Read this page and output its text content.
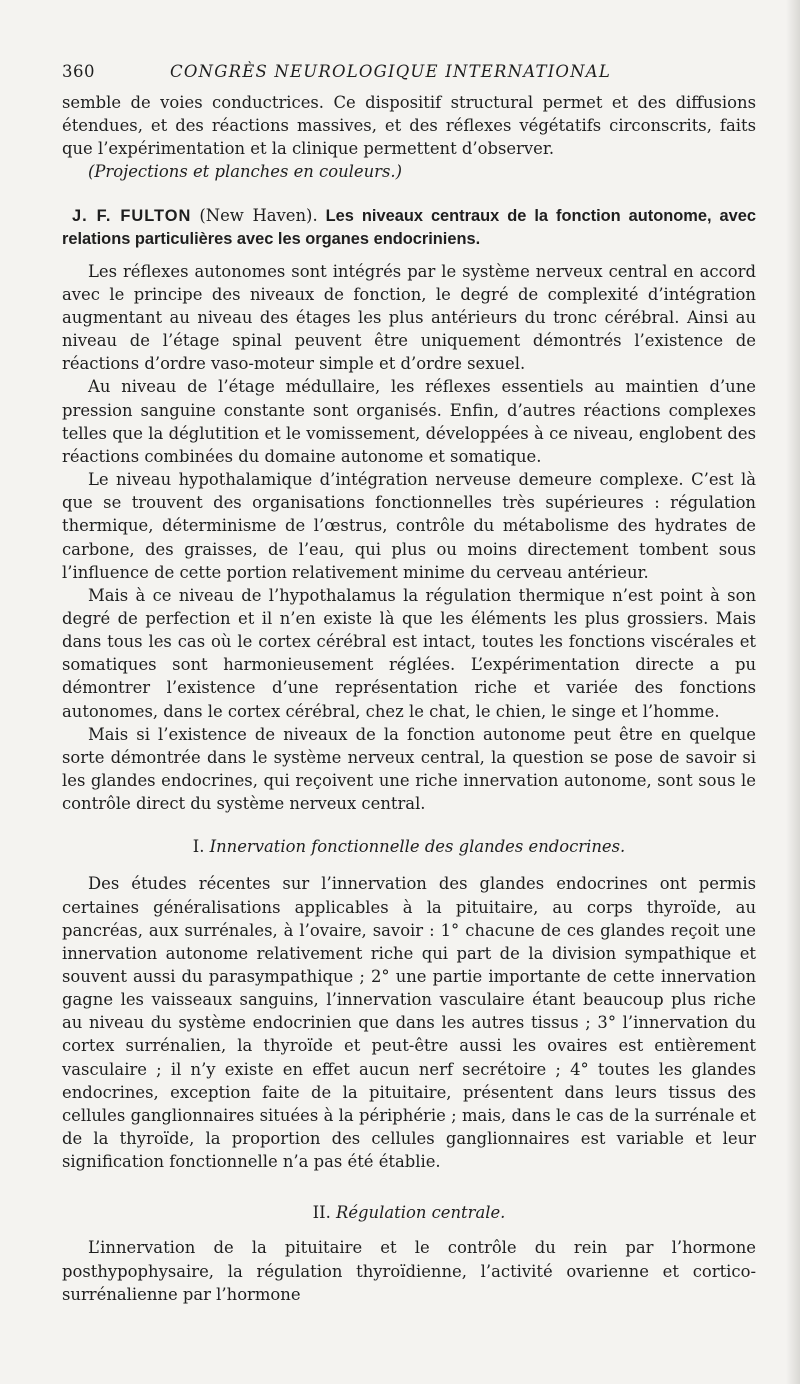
360	CONGRÈS NEUROLOGIQUE INTERNATIONAL

semble de voies conductrices. Ce dispositif structural permet et des diffusions étendues, et des réactions massives, et des réflexes végétatifs circonscrits, faits que l’expérimentation et la clinique permettent d’observer.

(Projections et planches en couleurs.)

J. F. FULTON (New Haven). Les niveaux centraux de la fonction autonome, avec relations particulières avec les organes endocriniens.

Les réflexes autonomes sont intégrés par le système nerveux central en accord avec le principe des niveaux de fonction, le degré de complexité d’intégration augmentant au niveau des étages les plus antérieurs du tronc cérébral. Ainsi au niveau de l’étage spinal peuvent être uniquement démontrés l’existence de réactions d’ordre vaso-moteur simple et d’ordre sexuel.

Au niveau de l’étage médullaire, les réflexes essentiels au maintien d’une pression sanguine constante sont organisés. Enfin, d’autres réactions complexes telles que la déglutition et le vomissement, développées à ce niveau, englobent des réactions combinées du domaine autonome et somatique.

Le niveau hypothalamique d’intégration nerveuse demeure complexe. C’est là que se trouvent des organisations fonctionnelles très supérieures : régulation thermique, déterminisme de l’œstrus, contrôle du métabolisme des hydrates de carbone, des graisses, de l’eau, qui plus ou moins directement tombent sous l’influence de cette portion relativement minime du cerveau antérieur.

Mais à ce niveau de l’hypothalamus la régulation thermique n’est point à son degré de perfection et il n’en existe là que les éléments les plus grossiers. Mais dans tous les cas où le cortex cérébral est intact, toutes les fonctions viscérales et somatiques sont harmonieusement réglées. L’expérimentation directe a pu démontrer l’existence d’une représentation riche et variée des fonctions autonomes, dans le cortex cérébral, chez le chat, le chien, le singe et l’homme.

Mais si l’existence de niveaux de la fonction autonome peut être en quelque sorte démontrée dans le système nerveux central, la question se pose de savoir si les glandes endocrines, qui reçoivent une riche innervation autonome, sont sous le contrôle direct du système nerveux central.

I. Innervation fonctionnelle des glandes endocrines.

Des études récentes sur l’innervation des glandes endocrines ont permis certaines généralisations applicables à la pituitaire, au corps thyroïde, au pancréas, aux surrénales, à l’ovaire, savoir : 1° chacune de ces glandes reçoit une innervation autonome relativement riche qui part de la division sympathique et souvent aussi du parasympathique ; 2° une partie importante de cette innervation gagne les vaisseaux sanguins, l’innervation vasculaire étant beaucoup plus riche au niveau du système endocrinien que dans les autres tissus ; 3° l’innervation du cortex surrénalien, la thyroïde et peut-être aussi les ovaires est entièrement vasculaire ; il n’y existe en effet aucun nerf secrétoire ; 4° toutes les glandes endocrines, exception faite de la pituitaire, présentent dans leurs tissus des cellules ganglionnaires situées à la périphérie ; mais, dans le cas de la surrénale et de la thyroïde, la proportion des cellules ganglionnaires est variable et leur signification fonctionnelle n’a pas été établie.

II. Régulation centrale.

L’innervation de la pituitaire et le contrôle du rein par l’hormone posthypophysaire, la régulation thyroïdienne, l’activité ovarienne et cortico-surrénalienne par l’hormone
